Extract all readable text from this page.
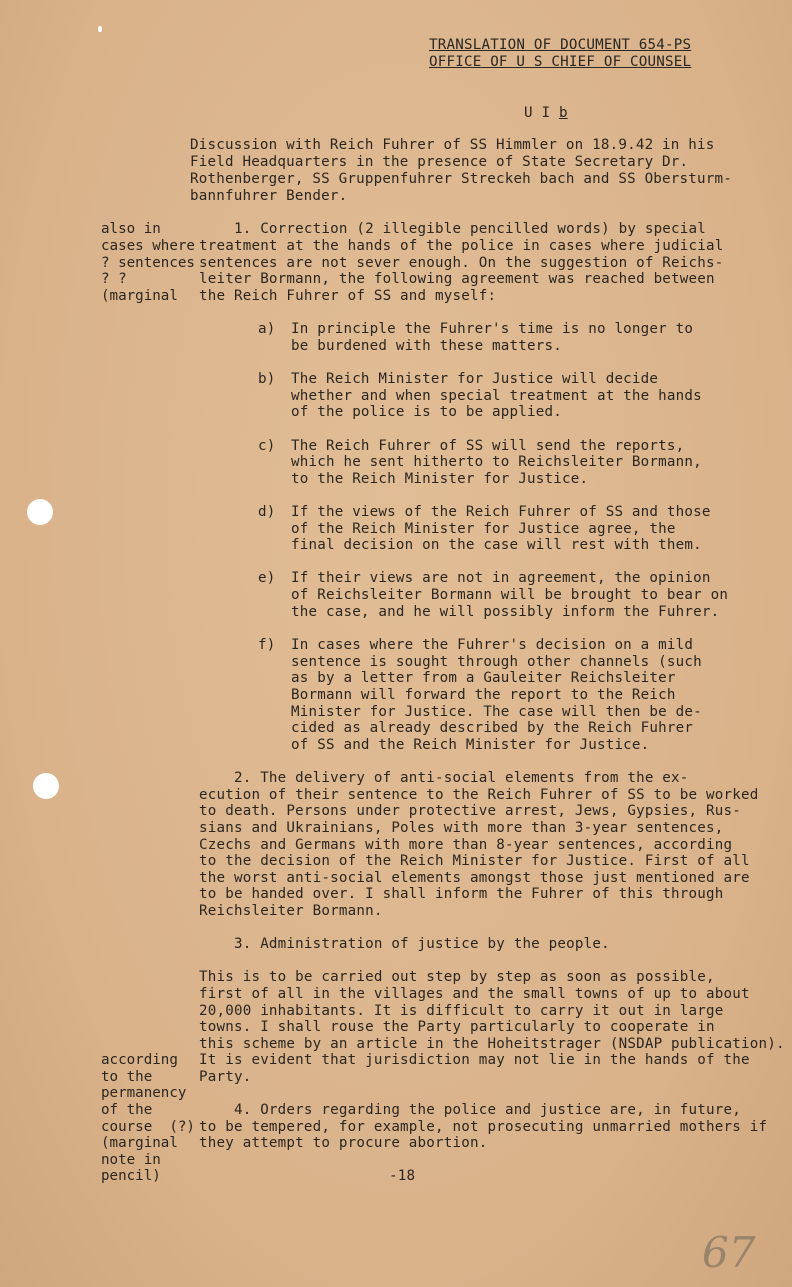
TRANSLATION OF DOCUMENT 654-PS
OFFICE OF U S CHIEF OF COUNSEL
U I b
Discussion with Reich Fuhrer of SS Himmler on 18.9.42 in his
Field Headquarters in the presence of State Secretary Dr.
Rothenberger, SS Gruppenfuhrer Streckeh bach and SS Obersturm-
bannfuhrer Bender.
also in
cases where
? sentences
? ?
(marginal
1. Correction (2 illegible pencilled words) by special
treatment at the hands of the police in cases where judicial
sentences are not sever enough. On the suggestion of Reichs-
leiter Bormann, the following agreement was reached between
the Reich Fuhrer of SS and myself:
a) In principle the Fuhrer's time is no longer to
be burdened with these matters.
b) The Reich Minister for Justice will decide
whether and when special treatment at the hands
of the police is to be applied.
c) The Reich Fuhrer of SS will send the reports,
which he sent hitherto to Reichsleiter Bormann,
to the Reich Minister for Justice.
d) If the views of the Reich Fuhrer of SS and those
of the Reich Minister for Justice agree, the
final decision on the case will rest with them.
e) If their views are not in agreement, the opinion
of Reichsleiter Bormann will be brought to bear on
the case, and he will possibly inform the Fuhrer.
f) In cases where the Fuhrer's decision on a mild
sentence is sought through other channels (such
as by a letter from a Gauleiter Reichsleiter
Bormann will forward the report to the Reich
Minister for Justice. The case will then be de-
cided as already described by the Reich Fuhrer
of SS and the Reich Minister for Justice.
2. The delivery of anti-social elements from the ex-
ecution of their sentence to the Reich Fuhrer of SS to be worked
to death. Persons under protective arrest, Jews, Gypsies, Rus-
sians and Ukrainians, Poles with more than 3-year sentences,
Czechs and Germans with more than 8-year sentences, according
to the decision of the Reich Minister for Justice. First of all
the worst anti-social elements amongst those just mentioned are
to be handed over. I shall inform the Fuhrer of this through
Reichsleiter Bormann.
3. Administration of justice by the people.
This is to be carried out step by step as soon as possible,
first of all in the villages and the small towns of up to about
20,000 inhabitants. It is difficult to carry it out in large
towns. I shall rouse the Party particularly to cooperate in
this scheme by an article in the Hoheitstrager (NSDAP publication).
It is evident that jurisdiction may not lie in the hands of the
Party.
according
to the
permanency
of the
course  (?)
(marginal
note in
pencil)
4. Orders regarding the police and justice are, in future,
to be tempered, for example, not prosecuting unmarried mothers if
they attempt to procure abortion.
-18
67
